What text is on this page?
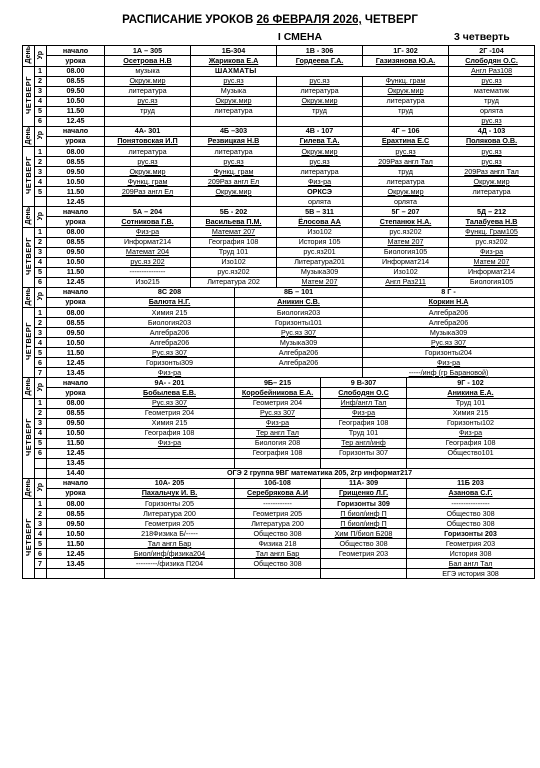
РАСПИСАНИЕ УРОКОВ 26 ФЕВРАЛЯ 2026, ЧЕТВЕРГ
I СМЕНА	3 четверть
День	Ур	начало	1А – 305	1Б-304		1В - 306		1Г- 302		2Г -104
		урока	Осетрова Н.В	Жарикова Е.А		Гордеева Г.А.		Газизянова Ю.А.		Слободян О.С.
ЧЕТВЕРГ	1	08.00	музыка	ШАХМАТЫ						Англ Раз108
	2	08.55	Окруж.мир	рус.яз		рус.яз		Функц. грам		рус.яз
	3	09.50	литература	Музыка		литература		Окруж.мир		математик
	4	10.50	рус.яз	Окруж.мир		Окруж.мир		литература		труд
	5	11.50	труд	литература		труд		труд		орлята
	6	12.45								рус.яз
День	Ур	начало	4А- 301	4Б –303		4В - 107		4Г – 106		4Д - 103
		урока	Понятовская И.П	Резвицкая Н.В		Гилева Т.А.		Ерахтина Е.С		Полякова О.В.
ЧЕТВЕРГ	1	08.00	литература	литература		Окруж.мир		рус.яз		рус.яз
	2	08.55	рус.яз	рус.яз		рус.яз		209Раз англ Тал		рус.яз
	3	09.50	Окруж.мир	Функц. грам		литература		труд		209Раз англ Тал
	4	10.50	Функц. грам	209Раз англ Ел		Физ-ра		литература		Окруж.мир
	5	11.50	209Раз англ Ел	Окруж.мир		ОРКСЭ		Окруж.мир		литература
		12.45				орлята		орлята		
День	Ур	начало	5А – 204	5Б - 202		5В – 311		5Г – 207		5Д – 212
		урока	Сотникова Г.В.	Васильева П.М.		Ёлосова АА		Степанюк Н.А.		Талабуева Н.В
ЧЕТВЕРГ	1	08.00	Физ-ра	Математ 207		Изо102		рус.яз202		Функц. Грам105
	2	08.55	Информат214	География 108		История 105		Матем 207		рус.яз202
	3	09.50	Математ 204	Труд 101		рус.яз201		Биология105		Физ-ра
	4	10.50	рус.яз 202	Изо102		Литература201		Информат214		Матем 207
	5	11.50	---------------	рус.яз202		Музыка309		Изо102		Информат214
	6	12.45	Изо215	Литература 202		Матем 207		Англ Раз211		Биология105
День	Ур	начало	8С 208		8Б – 101			8 Г -		
		урока	Балюта Н.Г.		Аникин С.В.			Коркин Н.А		
ЧЕТВЕРГ	1	08.00	Химия 215		Биология203			Алгебра206		
	2	08.55	Биология203		Горизонты101			Алгебра206		
	3	09.50	Алгебра206		Рус.яз 307			Музыка309		
	4	10.50	Алгебра206		Музыка309			Рус.яз 307		
	5	11.50	Рус.яз 307		Алгебра206			Горизонты204		
	6	12.45	Горизонты309		Алгебра206			Физ-ра		
	7	13.45	Физ-ра					-----/инф (гр Барановой)		
День	Ур	начало	9А- - 201		9Б– 215		9 В-307		9Г - 102	
		урока	Бобылева Е.В.		Коробейникова Е.А.		Слободян О.С		Аникина Е.А.	
ЧЕТВЕРГ	1	08.00	Рус.яз 307		Геометрия 204		Инф/англ Тал		Труд 101	
	2	08.55	Геометрия 204		Рус.яз 307		Физ-ра		Химия 215	
	3	09.50	Химия 215		Физ-ра		География 108		Горизонты102	
	4	10.50	География 108		Тер англ Тал		Труд 101		Физ-ра	
	5	11.50	Физ-ра		Биология 208		Тер англ/инф		География 108	
	6	12.45			География 108		Горизонты 307		Общество101	
		13.45								
		14.40	ОГЭ 2 группа 9ВГ математика 205, 2гр информат217							
День	Ур	начало	10А- 205		10б-108		11А- 309		11Б 203	
		урока	Пахальчук И. В.		Серебрякова А.И		Грищенко Л.Г.		Азанова С.Г.	
ЧЕТВЕРГ	1	08.00	Горизонты 205		------------		Горизонты 309		----------------	
	2	08.55	Литература 200		Геометрия 205		П биол/инф П		Общество 308	
	3	09.50	Геометрия 205		Литература 200		П биол/инф П		Общество 308	
	4	10.50	218Физика Б/-----		Общество 308		Хим П/биол Б208		Горизонты 203	
	5	11.50	Тал англ Бар		Физика 218		Общество 308		Геометрия 203	
	6	12.45	Биол/инф/физика204		Тал англ Бар		Геометрия 203		История 308	
	7	13.45	---------/физика П204		Общество 308				Бал англ Тал	
									ЕГЭ история 308	
